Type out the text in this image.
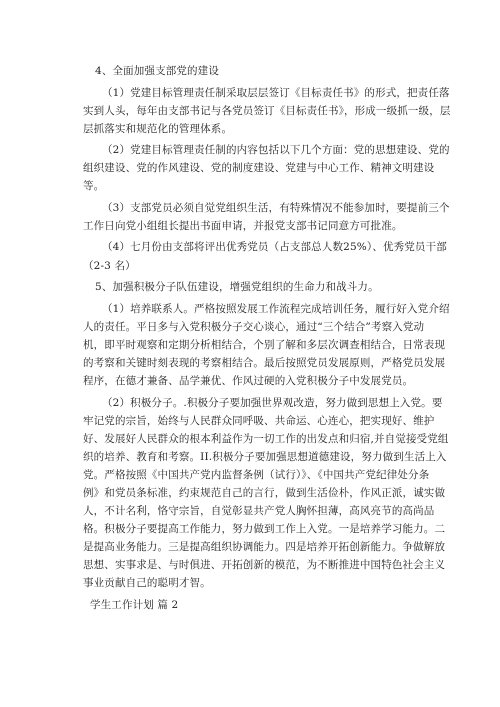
4、全面加强支部党的建设
（1）党建目标管理责任制采取层层签订《目标责任书》的形式，把责任落
实到人头，每年由支部书记与各党员签订《目标责任书》，形成一级抓一级，层
层抓落实和规范化的管理体系。
（2）党建目标管理责任制的内容包括以下几个方面：党的思想建设、党的
组织建设、党的作风建设、党的制度建设、党建与中心工作、精神文明建设
等。
（3）支部党员必须自觉党组织生活，有特殊情况不能参加时，要提前三个
工作日向党小组组长提出书面申请，并报党支部书记同意方可批准。
（4）七月份由支部将评出优秀党员（占支部总人数25%）、优秀党员干部
（2-3 名）
5、加强积极分子队伍建设，增强党组织的生命力和战斗力。
（1）培养联系人。严格按照发展工作流程完成培训任务，履行好入党介绍
人的责任。平日多与入党积极分子交心谈心，通过“三个结合”考察入党动
机，即平时观察和定期分析相结合，个别了解和多层次调查相结合，日常表现
的考察和关键时刻表现的考察相结合。最后按照党员发展原则，严格党员发展
程序，在德才兼备、品学兼优、作风过硬的入党积极分子中发展党员。
（2）积极分子。.积极分子要加强世界观改造，努力做到思想上入党。要
牢记党的宗旨，始终与人民群众同呼吸、共命运、心连心，把实现好、维护
好、发展好人民群众的根本利益作为一切工作的出发点和归宿,并自觉接受党组
织的培养、教育和考察。II.积极分子要加强思想道德建设，努力做到生活上入
党。严格按照《中国共产党内监督条例（试行）》、《中国共产党纪律处分条
例》和党员条标准，约束规范自己的言行，做到生活俭朴，作风正派，诚实做
人，不计名利，恪守宗旨，自觉彰显共产党人胸怀担薄，高风亮节的高尚品
格。积极分子要提高工作能力，努力做到工作上入党。一是培养学习能力。二
是提高业务能力。三是提高组织协调能力。四是培养开拓创新能力。争做解放
思想、实事求是、与时俱进、开拓创新的模范，为不断推进中国特色社会主义
事业贡献自己的聪明才智。
学生工作计划 篇 2
